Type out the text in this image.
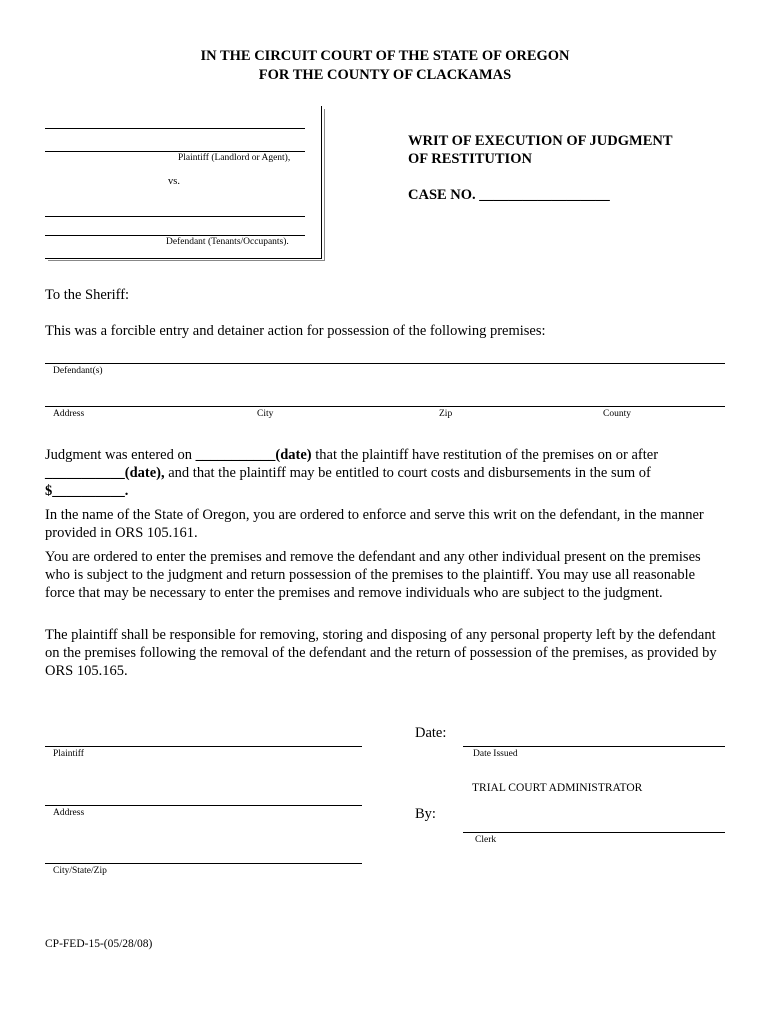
IN THE CIRCUIT COURT OF THE STATE OF OREGON
FOR THE COUNTY OF CLACKAMAS
Plaintiff (Landlord or Agent),
vs.
Defendant (Tenants/Occupants).
WRIT OF EXECUTION OF JUDGMENT
OF RESTITUTION
CASE NO. __________________
To the Sheriff:
This was a forcible entry and detainer action for possession of the following premises:
Defendant(s)
Address	City	Zip	County
Judgment was entered on ___________(date) that the plaintiff have restitution of the premises on or after
___________(date), and that the plaintiff may be entitled to court costs and disbursements in the sum of
$__________.
In the name of the State of Oregon, you are ordered to enforce and serve this writ on the defendant, in the manner provided in ORS 105.161.
You are ordered to enter the premises and remove the defendant and any other individual present on the premises who is subject to the judgment and return possession of the premises to the plaintiff. You may use all reasonable force that may be necessary to enter the premises and remove individuals who are subject to the judgment.
The plaintiff shall be responsible for removing, storing and disposing of any personal property left by the defendant on the premises following the removal of the defendant and the return of possession of the premises, as provided by ORS 105.165.
Date:
Plaintiff	Date Issued
TRIAL COURT ADMINISTRATOR
Address	By:
Clerk
City/State/Zip
CP-FED-15-(05/28/08)
